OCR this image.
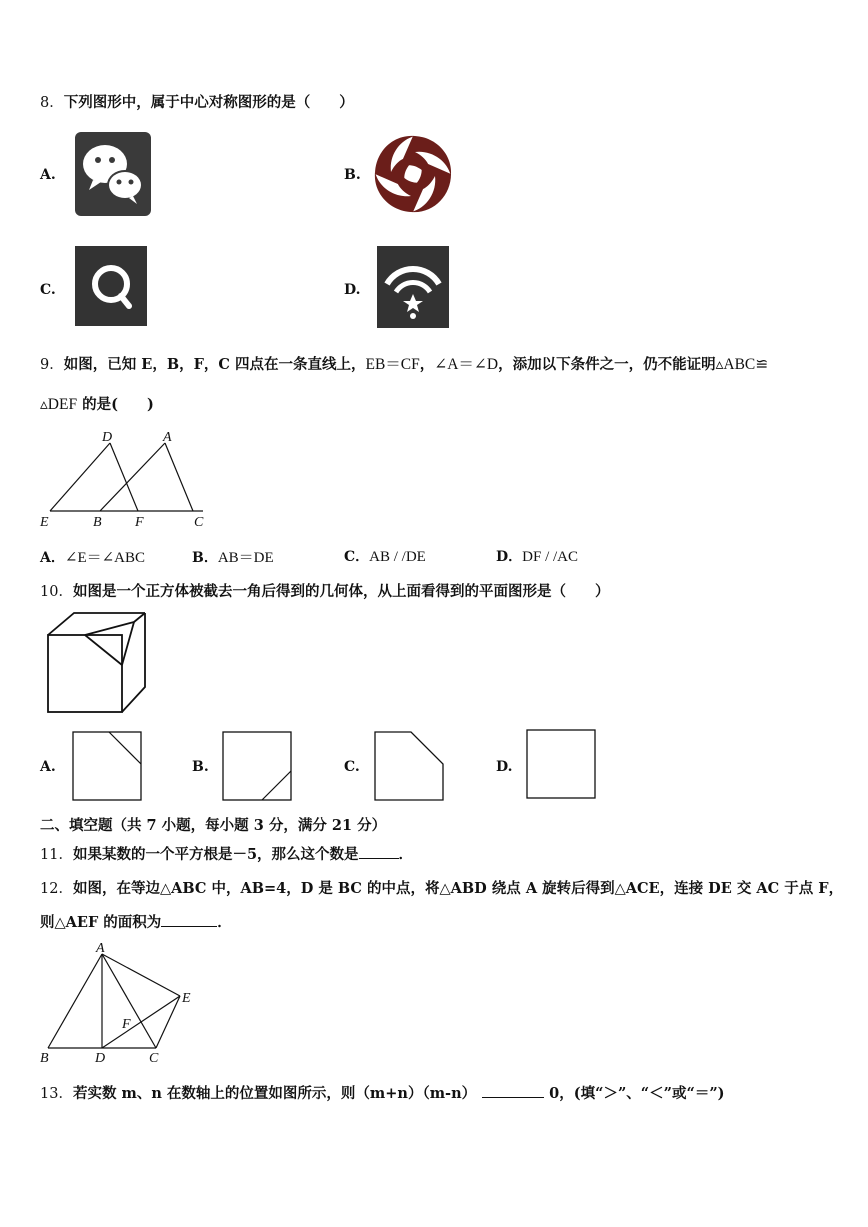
8．下列图形中，属于中心对称图形的是（　　）
A.	B.
C.	D.
9．如图，已知 E，B，F，C 四点在一条直线上，EB＝CF，∠A＝∠D，添加以下条件之一，仍不能证明▵ABC≌
▵DEF 的是(　　)
D	A
E	B F	C
A．∠E＝∠ABC	B．AB＝DE	C．AB / /DE	D．DF / /AC
10．如图是一个正方体被截去一角后得到的几何体，从上面看得到的平面图形是（　　）
A.	B.	C.	D.
二、填空题（共 7 小题，每小题 3 分，满分 21 分）
11．如果某数的一个平方根是－5，那么这个数是	．
12．如图，在等边△ABC 中，AB=4，D 是 BC 的中点，将△ABD 绕点 A 旋转后得到△ACE，连接 DE 交 AC 于点 F，
则△AEF 的面积为	．
A
E
F
B	D	C
13．若实数 m、n 在数轴上的位置如图所示，则（m+n）（m-n）	0，(填“＞”、“＜”或“＝”)
